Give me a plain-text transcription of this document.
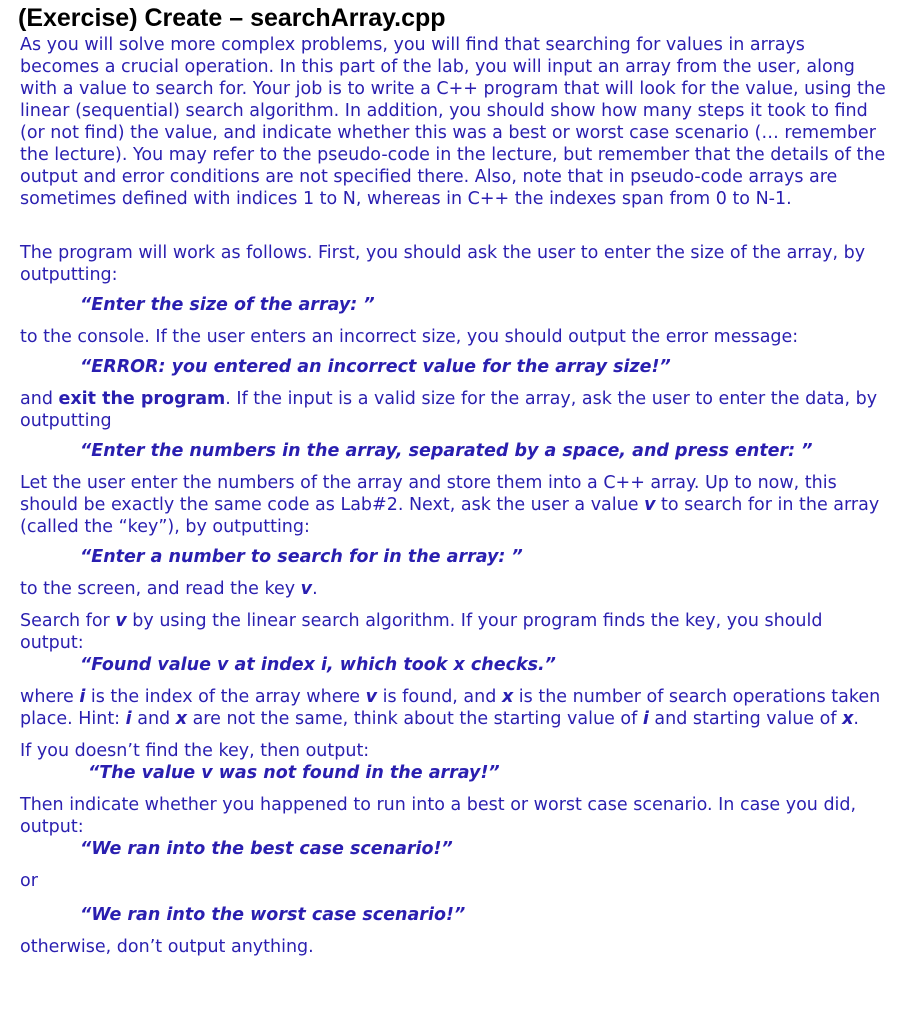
(Exercise) Create – searchArray.cpp

As you will solve more complex problems, you will find that searching for values in arrays becomes a crucial operation. In this part of the lab, you will input an array from the user, along with a value to search for. Your job is to write a C++ program that will look for the value, using the linear (sequential) search algorithm. In addition, you should show how many steps it took to find (or not find) the value, and indicate whether this was a best or worst case scenario (… remember the lecture). You may refer to the pseudo-code in the lecture, but remember that the details of the output and error conditions are not specified there. Also, note that in pseudo-code arrays are sometimes defined with indices 1 to N, whereas in C++ the indexes span from 0 to N-1.

The program will work as follows. First, you should ask the user to enter the size of the array, by outputting:

“Enter the size of the array: ”

to the console. If the user enters an incorrect size, you should output the error message:

“ERROR: you entered an incorrect value for the array size!”

and exit the program. If the input is a valid size for the array, ask the user to enter the data, by outputting

“Enter the numbers in the array, separated by a space, and press enter: ”

Let the user enter the numbers of the array and store them into a C++ array. Up to now, this should be exactly the same code as Lab#2. Next, ask the user a value v to search for in the array (called the “key”), by outputting:

“Enter a number to search for in the array: ”

to the screen, and read the key v.

Search for v by using the linear search algorithm. If your program finds the key, you should output:

“Found value v at index i, which took x checks.”

where i is the index of the array where v is found, and x is the number of search operations taken place. Hint: i and x are not the same, think about the starting value of i and starting value of x.

If you doesn’t find the key, then output:

“The value v was not found in the array!”

Then indicate whether you happened to run into a best or worst case scenario. In case you did, output:

“We ran into the best case scenario!”

or

“We ran into the worst case scenario!”

otherwise, don’t output anything.
